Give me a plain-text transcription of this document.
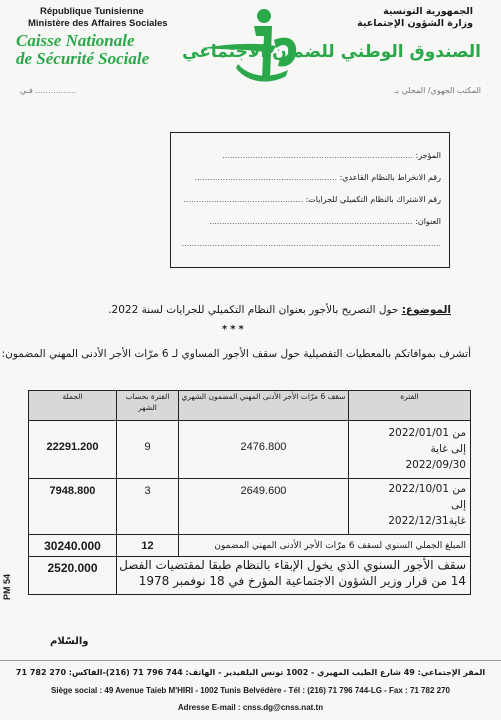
République Tunisienne
Ministère des Affaires Sociales
Caisse Nationale
de Sécurité Sociale
الجمهورية التونسية
وزارة الشؤون الإجتماعية
الصندوق الوطني للضمان الاجتماعي
................ فـي	المكتب الجهوي/ المحلي بـ
المؤجر: ...........................................................................
رقم الانخراط بالنظام القاعدي: ........................................................
رقم الاشتراك بالنظام التكميلي للجرايات: ...............................................
العنوان: ................................................................................
......................................................................................................
الموضوع: حول التصريح بالأجور بعنوان النظام التكميلي للجرايات لسنة 2022.
***
أتشرف بموافاتكم بالمعطيات التفصيلية حول سقف الأجور المساوي لـ 6 مرّات الأجر الأدنى المهني المضمون:
الجملة	الفترة بحساب الشهر	سقف 6 مرّات الأجر الأدنى المهني المضمون الشهري	الفترة
22291.200	9	2476.800	من 2022/01/01
إلى غاية
2022/09/30

7948.800	3	2649.600	من 2022/10/01
إلى
غاية2022/12/31

30240.000	12	المبلغ الجملي السنوي لسقف 6 مرّات الأجر الأدنى المهني المضمون	
2520.000	سقف الأجور السنوي الذي يخول الإبقاء بالنظام طبقا لمقتضيات الفصل 14 من قرار وزير الشؤون الاجتماعية المؤرخ في 18 نوفمبر 1978		
PM 54
والسّلام
المقر الإجتماعي: 49 شارع الطيب المهيري - 1002 تونس البلفيدير - الهاتف: 744 796 71 (216)-الفاكس: 270 782 71
Siège social : 49 Avenue Taieb M'HIRI - 1002 Tunis Belvédère - Tél : (216) 71 796 744-LG - Fax : 71 782 270
Adresse E-mail : cnss.dg@cnss.nat.tn
